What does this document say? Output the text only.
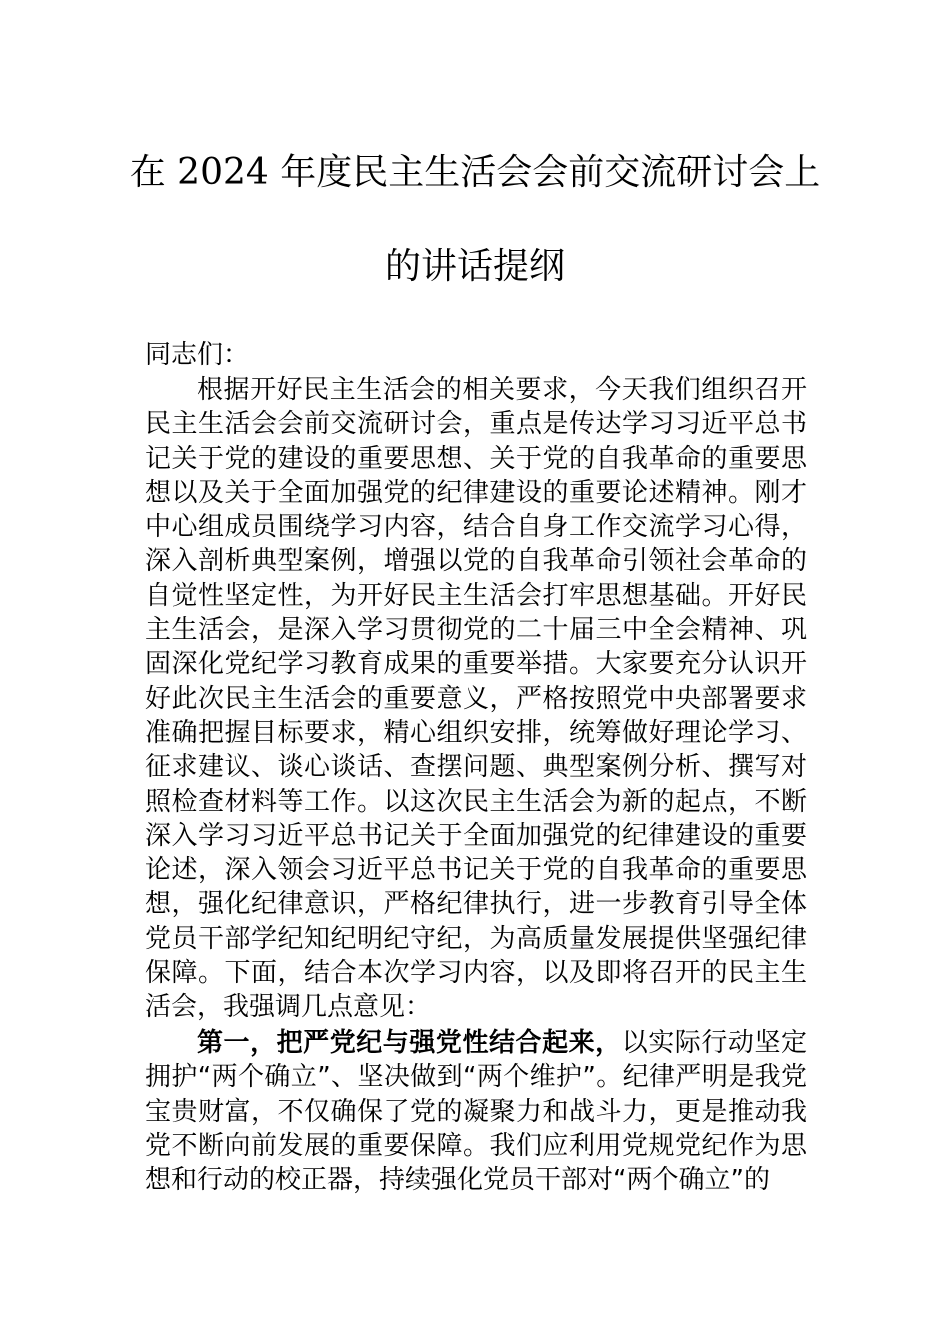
在 2024 年度民主生活会会前交流研讨会上
的讲话提纲
同志们：
根据开好民主生活会的相关要求，今天我们组织召开民主生活会会前交流研讨会，重点是传达学习习近平总书记关于党的建设的重要思想、关于党的自我革命的重要思想以及关于全面加强党的纪律建设的重要论述精神。刚才中心组成员围绕学习内容，结合自身工作交流学习心得，深入剖析典型案例，增强以党的自我革命引领社会革命的自觉性坚定性，为开好民主生活会打牢思想基础。开好民主生活会，是深入学习贯彻党的二十届三中全会精神、巩固深化党纪学习教育成果的重要举措。大家要充分认识开好此次民主生活会的重要意义，严格按照党中央部署要求准确把握目标要求，精心组织安排，统筹做好理论学习、征求建议、谈心谈话、查摆问题、典型案例分析、撰写对照检查材料等工作。以这次民主生活会为新的起点，不断深入学习习近平总书记关于全面加强党的纪律建设的重要论述，深入领会习近平总书记关于党的自我革命的重要思想，强化纪律意识，严格纪律执行，进一步教育引导全体党员干部学纪知纪明纪守纪，为高质量发展提供坚强纪律保障。下面，结合本次学习内容，以及即将召开的民主生活会，我强调几点意见：
第一，把严党纪与强党性结合起来，以实际行动坚定拥护“两个确立”、坚决做到“两个维护”。纪律严明是我党宝贵财富，不仅确保了党的凝聚力和战斗力，更是推动我党不断向前发展的重要保障。我们应利用党规党纪作为思想和行动的校正器，持续强化党员干部对“两个确立”的
